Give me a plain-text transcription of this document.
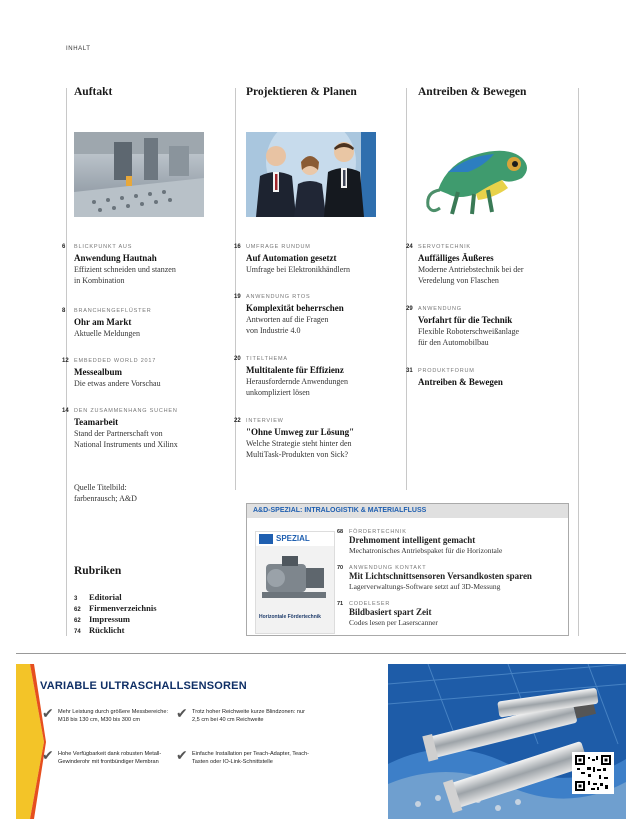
INHALT
Auftakt	Projektieren & Planen	Antreiben & Bewegen
6	BLICKPUNKT AUS
Anwendung Hautnah
Effizient schneiden und stanzen
in Kombination
8	BRANCHENGEFLÜSTER
Ohr am Markt
Aktuelle Meldungen
12 EMBEDDED WORLD 2017
Messealbum
Die etwas andere Vorschau
14 DEN ZUSAMMENHANG SUCHEN
Teamarbeit
Stand der Partnerschaft von
National Instruments und Xilinx
Quelle Titelbild:
farbenrausch; A&D
16 UMFRAGE RUNDUM
Auf Automation gesetzt
Umfrage bei Elektronikhändlern
19 ANWENDUNG RTOS
Komplexität beherrschen
Antworten auf die Fragen
von Industrie 4.0
20 TITELTHEMA
Multitalente für Effizienz
Herausfordernde Anwendungen
unkompliziert lösen
22 INTERVIEW
"Ohne Umweg zur Lösung"
Welche Strategie steht hinter den
MultiTask-Produkten von Sick?
24 SERVOTECHNIK
Auffälliges Äußeres
Moderne Antriebstechnik bei der
Veredelung von Flaschen
29 ANWENDUNG
Vorfahrt für die Technik
Flexible Roboterschweißanlage
für den Automobilbau
31 PRODUKTFORUM
Antreiben & Bewegen
Rubriken
3	Editorial
62 Firmenverzeichnis
62 Impressum
74 Rücklicht
A&D-SPEZIAL: INTRALOGISTIK & MATERIALFLUSS
SPEZIAL
Horizontale Fördertechnik
68	FÖRDERTECHNIK
Drehmoment intelligent gemacht
Mechatronisches Antriebspaket für die Horizontale
70	ANWENDUNG KONTAKT
Mit Lichtschnittsensoren Versandkosten sparen
Lagerverwaltungs-Software setzt auf 3D-Messung
71	CODELESER
Bildbasiert spart Zeit
Codes lesen per Laserscanner
VARIABLE ULTRASCHALLSENSOREN
✔ Mehr Leistung durch größere Messbereiche: M18 bis 130 cm, M30 bis 300 cm	✔ Trotz hoher Reichweite kurze Blindzonen: nur 2,5 cm bei 40 cm Reichweite
✔ Hohe Verfügbarkeit dank robusten Metall-Gewinderohr mit frontbündiger Membran	✔ Einfache Installation per Teach-Adapter, Teach-Tasten oder IO-Link-Schnittstelle
